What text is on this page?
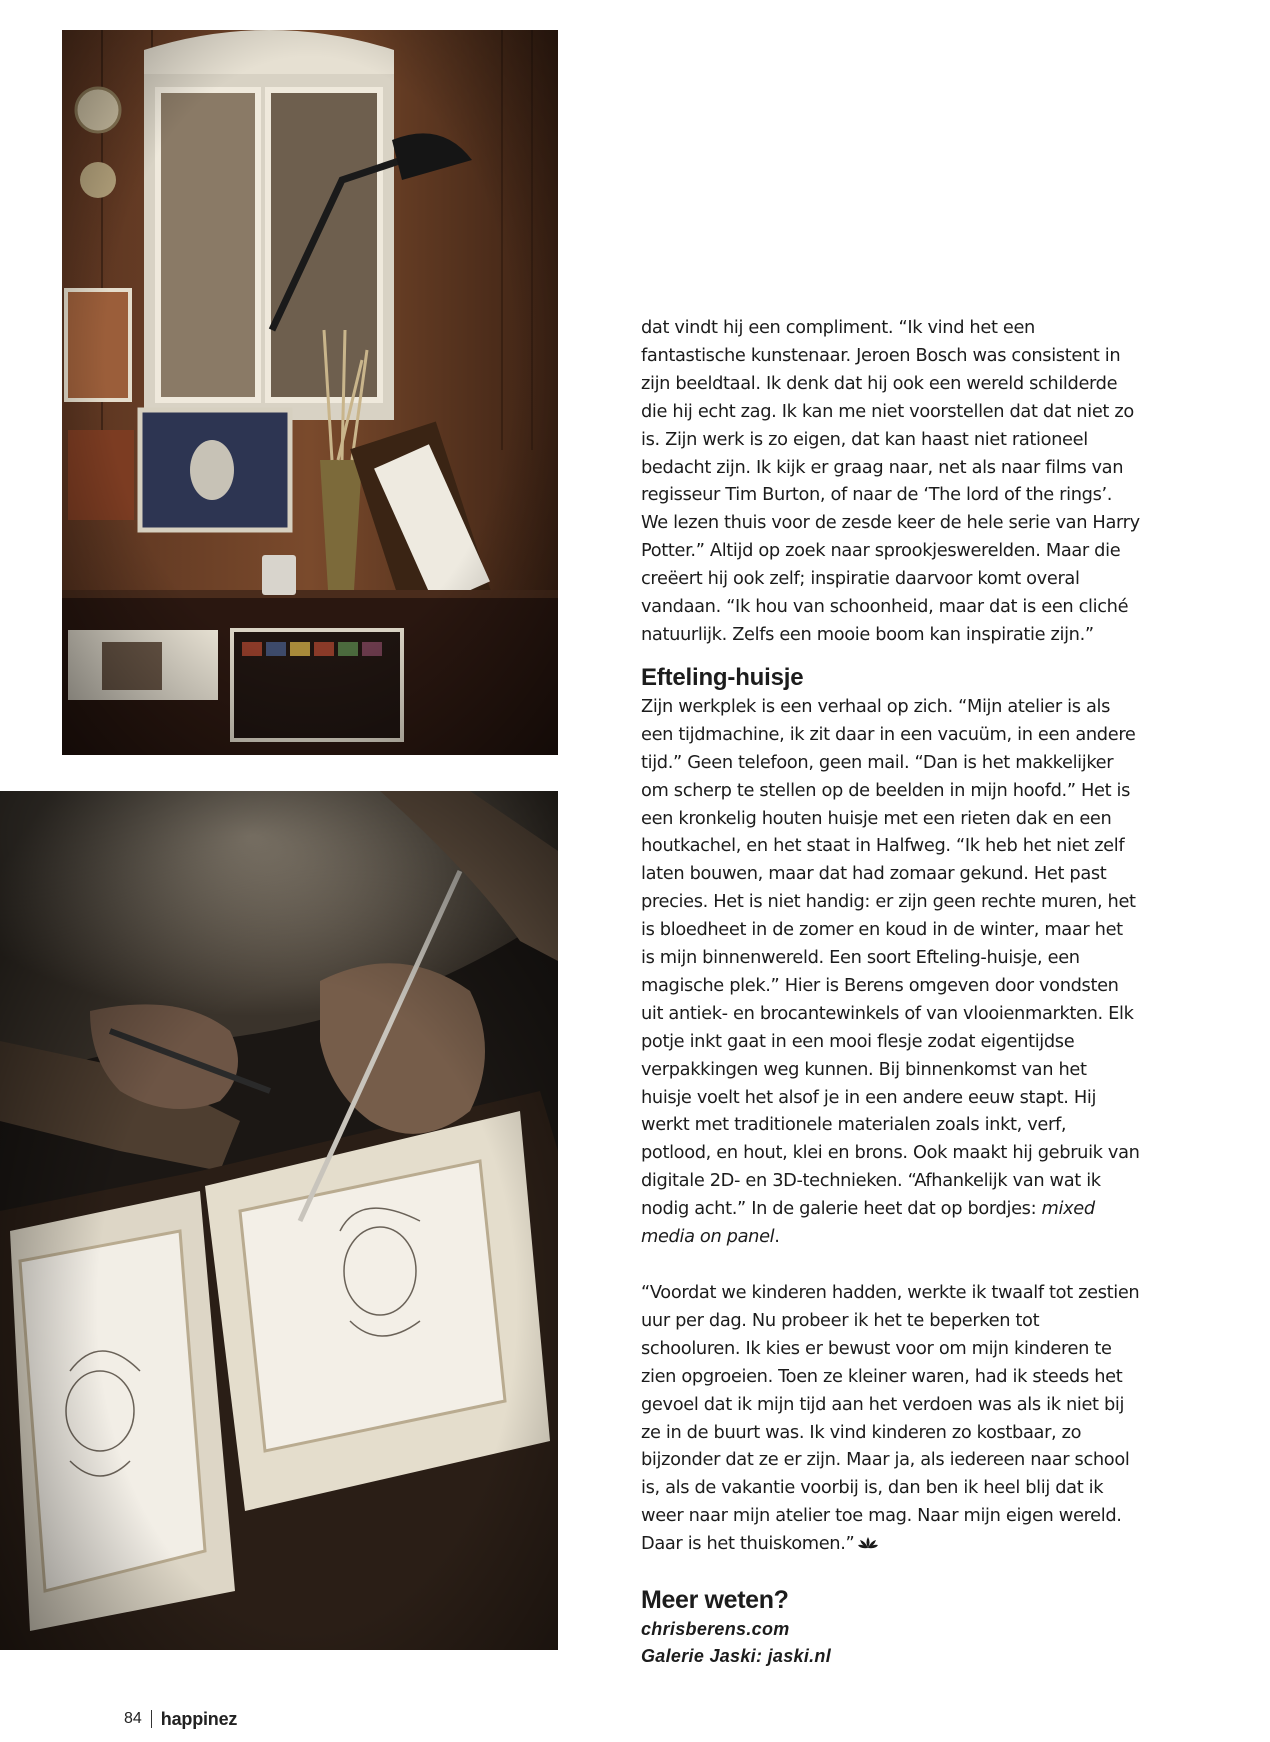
dat vindt hij een compliment. “Ik vind het een fantastische kunstenaar. Jeroen Bosch was consistent in zijn beeldtaal. Ik denk dat hij ook een wereld schilderde die hij echt zag. Ik kan me niet voorstellen dat dat niet zo is. Zijn werk is zo eigen, dat kan haast niet rationeel bedacht zijn. Ik kijk er graag naar, net als naar films van regisseur Tim Burton, of naar de ‘The lord of the rings’. We lezen thuis voor de zesde keer de hele serie van Harry Potter.” Altijd op zoek naar sprookjeswerelden. Maar die creëert hij ook zelf; inspiratie daarvoor komt overal vandaan. “Ik hou van schoonheid, maar dat is een cliché natuurlijk. Zelfs een mooie boom kan inspiratie zijn.”

Efteling-huisje

Zijn werkplek is een verhaal op zich. “Mijn atelier is als een tijdmachine, ik zit daar in een vacuüm, in een andere tijd.” Geen telefoon, geen mail. “Dan is het makkelijker om scherp te stellen op de beelden in mijn hoofd.” Het is een kronkelig houten huisje met een rieten dak en een houtkachel, en het staat in Halfweg. “Ik heb het niet zelf laten bouwen, maar dat had zomaar gekund. Het past precies. Het is niet handig: er zijn geen rechte muren, het is bloedheet in de zomer en koud in de winter, maar het is mijn binnenwereld. Een soort Efteling-huisje, een magische plek.” Hier is Berens omgeven door vondsten uit antiek- en brocantewinkels of van vlooienmarkten. Elk potje inkt gaat in een mooi flesje zodat eigentijdse verpakkingen weg kunnen. Bij binnenkomst van het huisje voelt het alsof je in een andere eeuw stapt. Hij werkt met traditionele materialen zoals inkt, verf, potlood, en hout, klei en brons. Ook maakt hij gebruik van digitale 2D- en 3D-technieken. “Afhankelijk van wat ik nodig acht.” In de galerie heet dat op bordjes: mixed media on panel.

“Voordat we kinderen hadden, werkte ik twaalf tot zestien uur per dag. Nu probeer ik het te beperken tot schooluren. Ik kies er bewust voor om mijn kinderen te zien opgroeien. Toen ze kleiner waren, had ik steeds het gevoel dat ik mijn tijd aan het verdoen was als ik niet bij ze in de buurt was. Ik vind kinderen zo kostbaar, zo bijzonder dat ze er zijn. Maar ja, als iedereen naar school is, als de vakantie voorbij is, dan ben ik heel blij dat ik weer naar mijn atelier toe mag. Naar mijn eigen wereld. Daar is het thuiskomen.”

Meer weten?
chrisberens.com
Galerie Jaski: jaski.nl
84 happinez
